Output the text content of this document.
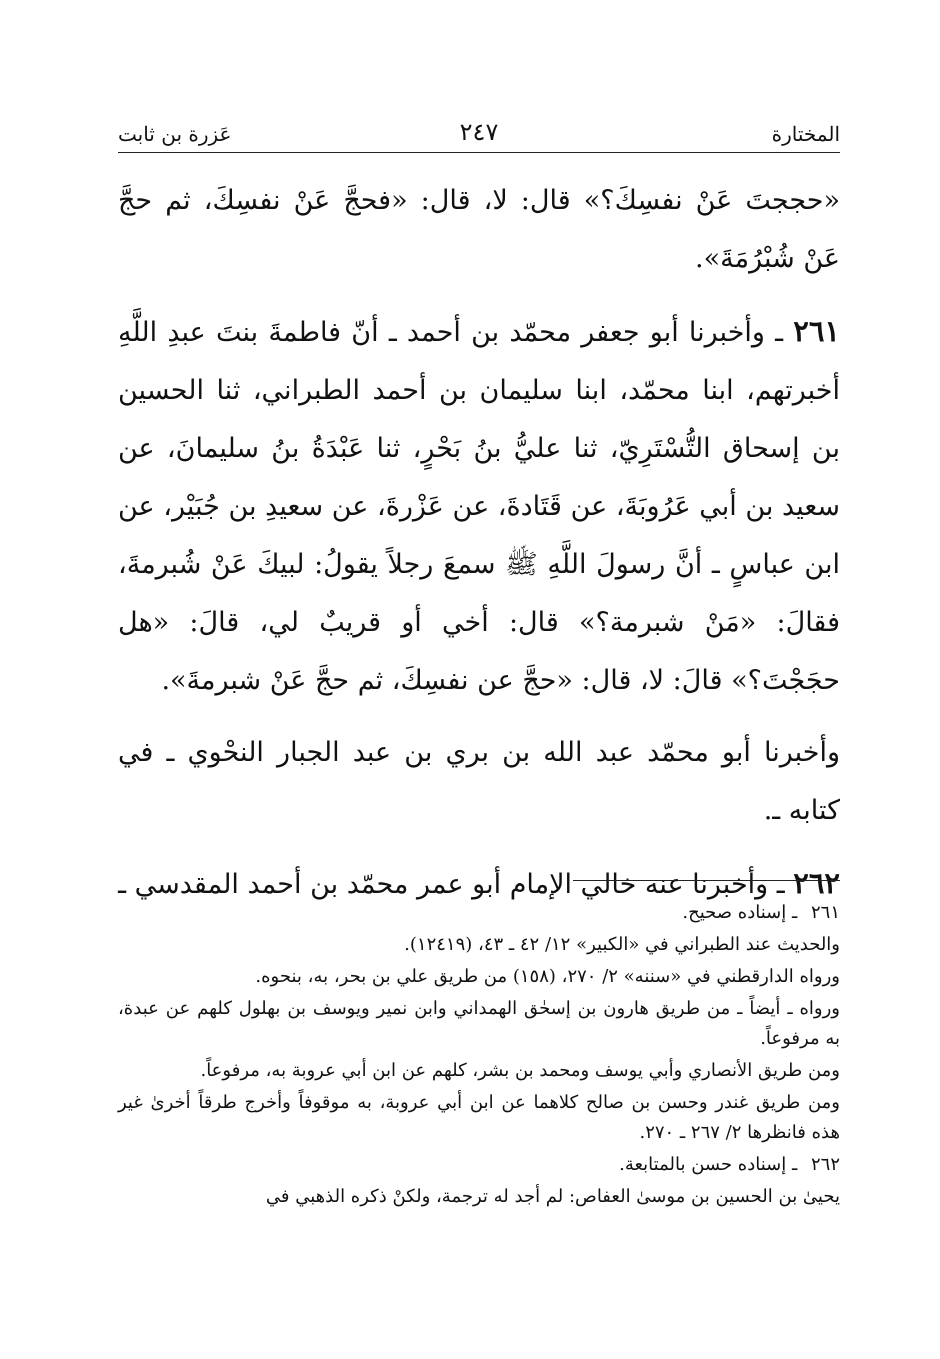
المختارة
٢٤٧
عَزرة بن ثابت

«حججتَ عَنْ نفسِكَ؟» قال: لا، قال: «فحجَّ عَنْ نفسِكَ، ثم حجَّ عَنْ شُبْرُمَةَ».

٢٦١ ـ وأخبرنا أبو جعفر محمّد بن أحمد ـ أنّ فاطمةَ بنتَ عبدِ اللَّهِ أخبرتهم، ابنا محمّد، ابنا سليمان بن أحمد الطبراني، ثنا الحسين بن إسحاق التُّسْتَرِيّ، ثنا عليُّ بنُ بَحْرٍ، ثنا عَبْدَةُ بنُ سليمانَ، عن سعيد بن أبي عَرُوبَةَ، عن قَتَادةَ، عن عَزْرةَ، عن سعيدِ بن جُبَيْر، عن ابن عباسٍ ـ أنَّ رسولَ اللَّهِ ﷺ سمعَ رجلاً يقولُ: لبيكَ عَنْ شُبرمةَ، فقالَ: «مَنْ شبرمة؟» قال: أخي أو قريبٌ لي، قالَ: «هل حجَجْتَ؟» قالَ: لا، قال: «حجَّ عن نفسِكَ، ثم حجَّ عَنْ شبرمةَ».

وأخبرنا أبو محمّد عبد الله بن بري بن عبد الجبار النحْوي ـ في كتابه ـ.

٢٦٢ ـ وأخبرنا عنه خالي الإمام أبو عمر محمّد بن أحمد المقدسي ـ

٢٦١ ـ إسناده صحيح.

والحديث عند الطبراني في «الكبير» ١٢/ ٤٢ ـ ٤٣، (١٢٤١٩).

ورواه الدارقطني في «سننه» ٢/ ٢٧٠، (١٥٨) من طريق علي بن بحر، به، بنحوه.

ورواه ـ أيضاً ـ من طريق هارون بن إسحٰق الهمداني وابن نمير ويوسف بن بهلول كلهم عن عبدة، به مرفوعاً.

ومن طريق الأنصاري وأبي يوسف ومحمد بن بشر، كلهم عن ابن أبي عروبة به، مرفوعاً.

ومن طريق غندر وحسن بن صالح كلاهما عن ابن أبي عروبة، به موقوفاً وأخرج طرقاً أخرىٰ غير هذه فانظرها ٢/ ٢٦٧ ـ ٢٧٠.

٢٦٢ ـ إسناده حسن بالمتابعة.

يحيىٰ بن الحسين بن موسىٰ العفاص: لم أجد له ترجمة، ولكنْ ذكره الذهبي في
